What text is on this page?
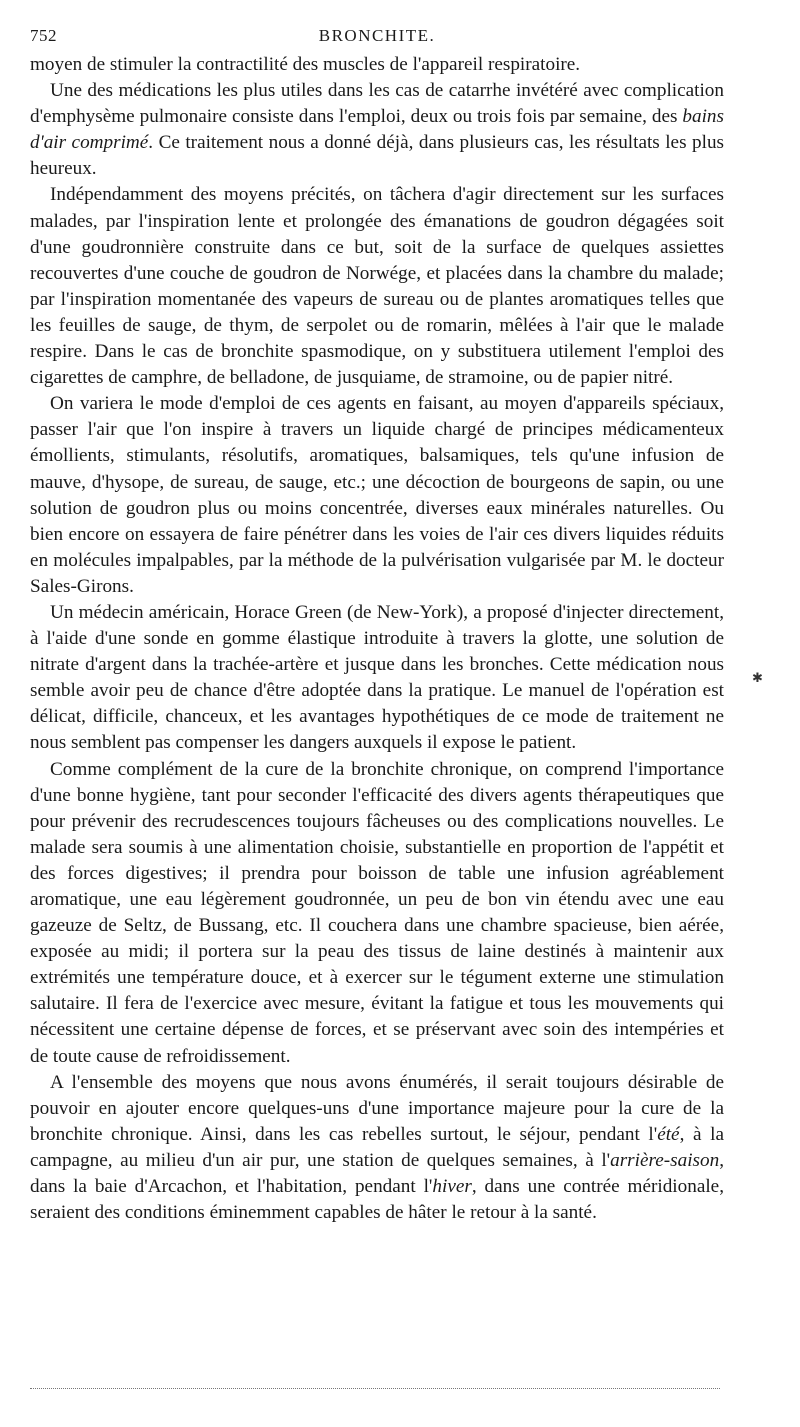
752	BRONCHITE.

moyen de stimuler la contractilité des muscles de l'appareil respiratoire.

Une des médications les plus utiles dans les cas de catarrhe invétéré avec complication d'emphysème pulmonaire consiste dans l'emploi, deux ou trois fois par semaine, des bains d'air comprimé. Ce traitement nous a donné déjà, dans plusieurs cas, les résultats les plus heureux.

Indépendamment des moyens précités, on tâchera d'agir directement sur les surfaces malades, par l'inspiration lente et prolongée des émanations de goudron dégagées soit d'une goudronnière construite dans ce but, soit de la surface de quelques assiettes recouvertes d'une couche de goudron de Norwége, et placées dans la chambre du malade; par l'inspiration momentanée des vapeurs de sureau ou de plantes aromatiques telles que les feuilles de sauge, de thym, de serpolet ou de romarin, mêlées à l'air que le malade respire. Dans le cas de bronchite spasmodique, on y substituera utilement l'emploi des cigarettes de camphre, de belladone, de jusquiame, de stramoine, ou de papier nitré.

On variera le mode d'emploi de ces agents en faisant, au moyen d'appareils spéciaux, passer l'air que l'on inspire à travers un liquide chargé de principes médicamenteux émollients, stimulants, résolutifs, aromatiques, balsamiques, tels qu'une infusion de mauve, d'hysope, de sureau, de sauge, etc.; une décoction de bourgeons de sapin, ou une solution de goudron plus ou moins concentrée, diverses eaux minérales naturelles. Ou bien encore on essayera de faire pénétrer dans les voies de l'air ces divers liquides réduits en molécules impalpables, par la méthode de la pulvérisation vulgarisée par M. le docteur Sales-Girons.

Un médecin américain, Horace Green (de New-York), a proposé d'injecter directement, à l'aide d'une sonde en gomme élastique introduite à travers la glotte, une solution de nitrate d'argent dans la trachée-artère et jusque dans les bronches. Cette médication nous semble avoir peu de chance d'être adoptée dans la pratique. Le manuel de l'opération est délicat, difficile, chanceux, et les avantages hypothétiques de ce mode de traitement ne nous semblent pas compenser les dangers auxquels il expose le patient.

Comme complément de la cure de la bronchite chronique, on comprend l'importance d'une bonne hygiène, tant pour seconder l'efficacité des divers agents thérapeutiques que pour prévenir des recrudescences toujours fâcheuses ou des complications nouvelles. Le malade sera soumis à une alimentation choisie, substantielle en proportion de l'appétit et des forces digestives; il prendra pour boisson de table une infusion agréablement aromatique, une eau légèrement goudronnée, un peu de bon vin étendu avec une eau gazeuze de Seltz, de Bussang, etc. Il couchera dans une chambre spacieuse, bien aérée, exposée au midi; il portera sur la peau des tissus de laine destinés à maintenir aux extrémités une température douce, et à exercer sur le tégument externe une stimulation salutaire. Il fera de l'exercice avec mesure, évitant la fatigue et tous les mouvements qui nécessitent une certaine dépense de forces, et se préservant avec soin des intempéries et de toute cause de refroidissement.

A l'ensemble des moyens que nous avons énumérés, il serait toujours désirable de pouvoir en ajouter encore quelques-uns d'une importance majeure pour la cure de la bronchite chronique. Ainsi, dans les cas rebelles surtout, le séjour, pendant l'été, à la campagne, au milieu d'un air pur, une station de quelques semaines, à l'arrière-saison, dans la baie d'Arcachon, et l'habitation, pendant l'hiver, dans une contrée méridionale, seraient des conditions éminemment capables de hâter le retour à la santé.

✱
